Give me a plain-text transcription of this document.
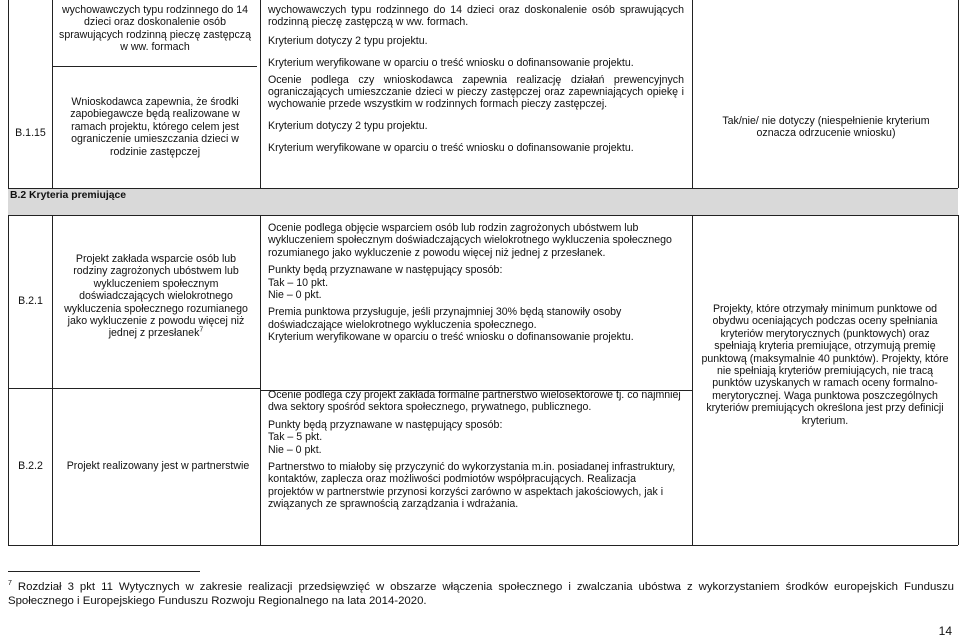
B.1.15
wychowawczych typu rodzinnego do 14 dzieci oraz doskonalenie osób sprawujących rodzinną pieczę zastępczą w ww. formach
Wnioskodawca zapewnia, że środki zapobiegawcze będą realizowane w ramach projektu, którego celem jest ograniczenie umieszczania dzieci w rodzinie zastępczej
wychowawczych typu rodzinnego do 14 dzieci oraz doskonalenie osób sprawujących rodzinną pieczę zastępczą w ww. formach.
Kryterium dotyczy 2 typu projektu.
Kryterium weryfikowane w oparciu o treść wniosku o dofinansowanie projektu.
Ocenie podlega czy wnioskodawca zapewnia realizację działań prewencyjnych ograniczających umieszczanie dzieci w pieczy zastępczej oraz zapewniających opiekę i wychowanie przede wszystkim w rodzinnych formach pieczy zastępczej.
Kryterium dotyczy 2 typu projektu.
Kryterium weryfikowane w oparciu o treść wniosku o dofinansowanie projektu.
Tak/nie/ nie dotyczy (niespełnienie kryterium oznacza odrzucenie wniosku)
B.2 Kryteria premiujące
B.2.1
Projekt zakłada wsparcie osób lub rodziny zagrożonych ubóstwem lub wykluczeniem społecznym doświadczających wielokrotnego wykluczenia społecznego rozumianego jako wykluczenie z powodu więcej niż jednej z przesłanek$^7$
Ocenie podlega objęcie wsparciem osób lub rodzin zagrożonych ubóstwem lub wykluczeniem społecznym doświadczających wielokrotnego wykluczenia społecznego rozumianego jako wykluczenie z powodu więcej niż jednej z przesłanek.
Punkty będą przyznawane w następujący sposób:
Tak – 10 pkt.
Nie – 0 pkt.
Premia punktowa przysługuje, jeśli przynajmniej 30% będą stanowiły osoby doświadczające wielokrotnego wykluczenia społecznego.
Kryterium weryfikowane w oparciu o treść wniosku o dofinansowanie projektu.
B.2.2	Projekt realizowany jest w partnerstwie
Ocenie podlega czy projekt zakłada formalne partnerstwo wielosektorowe tj. co najmniej dwa sektory spośród sektora społecznego, prywatnego, publicznego.
Punkty będą przyznawane w następujący sposób:
Tak – 5 pkt.
Nie – 0 pkt.
Partnerstwo to miałoby się przyczynić do wykorzystania m.in. posiadanej infrastruktury, kontaktów, zaplecza oraz możliwości podmiotów współpracujących. Realizacja projektów w partnerstwie przynosi korzyści zarówno w aspektach jakościowych, jak i związanych ze sprawnością zarządzania i wdrażania.
Projekty, które otrzymały minimum punktowe od obydwu oceniających podczas oceny spełniania kryteriów merytorycznych (punktowych) oraz spełniają kryteria premiujące, otrzymują premię punktową (maksymalnie 40 punktów). Projekty, które nie spełniają kryteriów premiujących, nie tracą punktów uzyskanych w ramach oceny formalno-merytorycznej. Waga punktowa poszczególnych kryteriów premiujących określona jest przy definicji kryterium.
$^7$ Rozdział 3 pkt 11 Wytycznych w zakresie realizacji przedsięwzięć w obszarze włączenia społecznego i zwalczania ubóstwa z wykorzystaniem środków europejskich Funduszu Społecznego i Europejskiego Funduszu Rozwoju Regionalnego na lata 2014-2020.
14
